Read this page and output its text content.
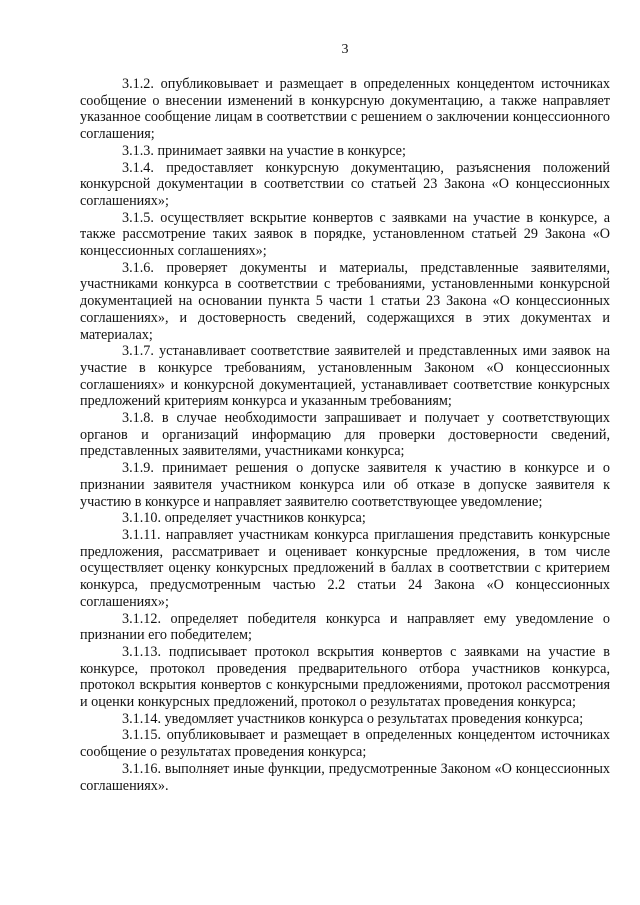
3

3.1.2. опубликовывает и размещает в определенных концедентом источниках сообщение о внесении изменений в конкурсную документацию, а также направляет указанное сообщение лицам в соответствии с решением о заключении концессионного соглашения;

3.1.3. принимает заявки на участие в конкурсе;

3.1.4. предоставляет конкурсную документацию, разъяснения положений конкурсной документации в соответствии со статьей 23 Закона «О концессионных соглашениях»;

3.1.5. осуществляет вскрытие конвертов с заявками на участие в конкурсе, а также рассмотрение таких заявок в порядке, установленном статьей 29 Закона «О концессионных соглашениях»;

3.1.6. проверяет документы и материалы, представленные заявителями, участниками конкурса в соответствии с требованиями, установленными конкурсной документацией на основании пункта 5 части 1 статьи 23 Закона «О концессионных соглашениях», и достоверность сведений, содержащихся в этих документах и материалах;

3.1.7. устанавливает соответствие заявителей и представленных ими заявок на участие в конкурсе требованиям, установленным Законом «О концессионных соглашениях» и конкурсной документацией, устанавливает соответствие конкурсных предложений критериям конкурса и указанным требованиям;

3.1.8. в случае необходимости запрашивает и получает у соответствующих органов и организаций информацию для проверки достоверности сведений, представленных заявителями, участниками конкурса;

3.1.9. принимает решения о допуске заявителя к участию в конкурсе и о признании заявителя участником конкурса или об отказе в допуске заявителя к участию в конкурсе и направляет заявителю соответствующее уведомление;

3.1.10. определяет участников конкурса;

3.1.11. направляет участникам конкурса приглашения представить конкурсные предложения, рассматривает и оценивает конкурсные предложения, в том числе осуществляет оценку конкурсных предложений в баллах в соответствии с критерием конкурса, предусмотренным частью 2.2 статьи 24 Закона «О концессионных соглашениях»;

3.1.12. определяет победителя конкурса и направляет ему уведомление о признании его победителем;

3.1.13. подписывает протокол вскрытия конвертов с заявками на участие в конкурсе, протокол проведения предварительного отбора участников конкурса, протокол вскрытия конвертов с конкурсными предложениями, протокол рассмотрения и оценки конкурсных предложений, протокол о результатах проведения конкурса;

3.1.14. уведомляет участников конкурса о результатах проведения конкурса;

3.1.15. опубликовывает и размещает в определенных концедентом источниках сообщение о результатах проведения конкурса;

3.1.16. выполняет иные функции, предусмотренные Законом «О концессионных соглашениях».
